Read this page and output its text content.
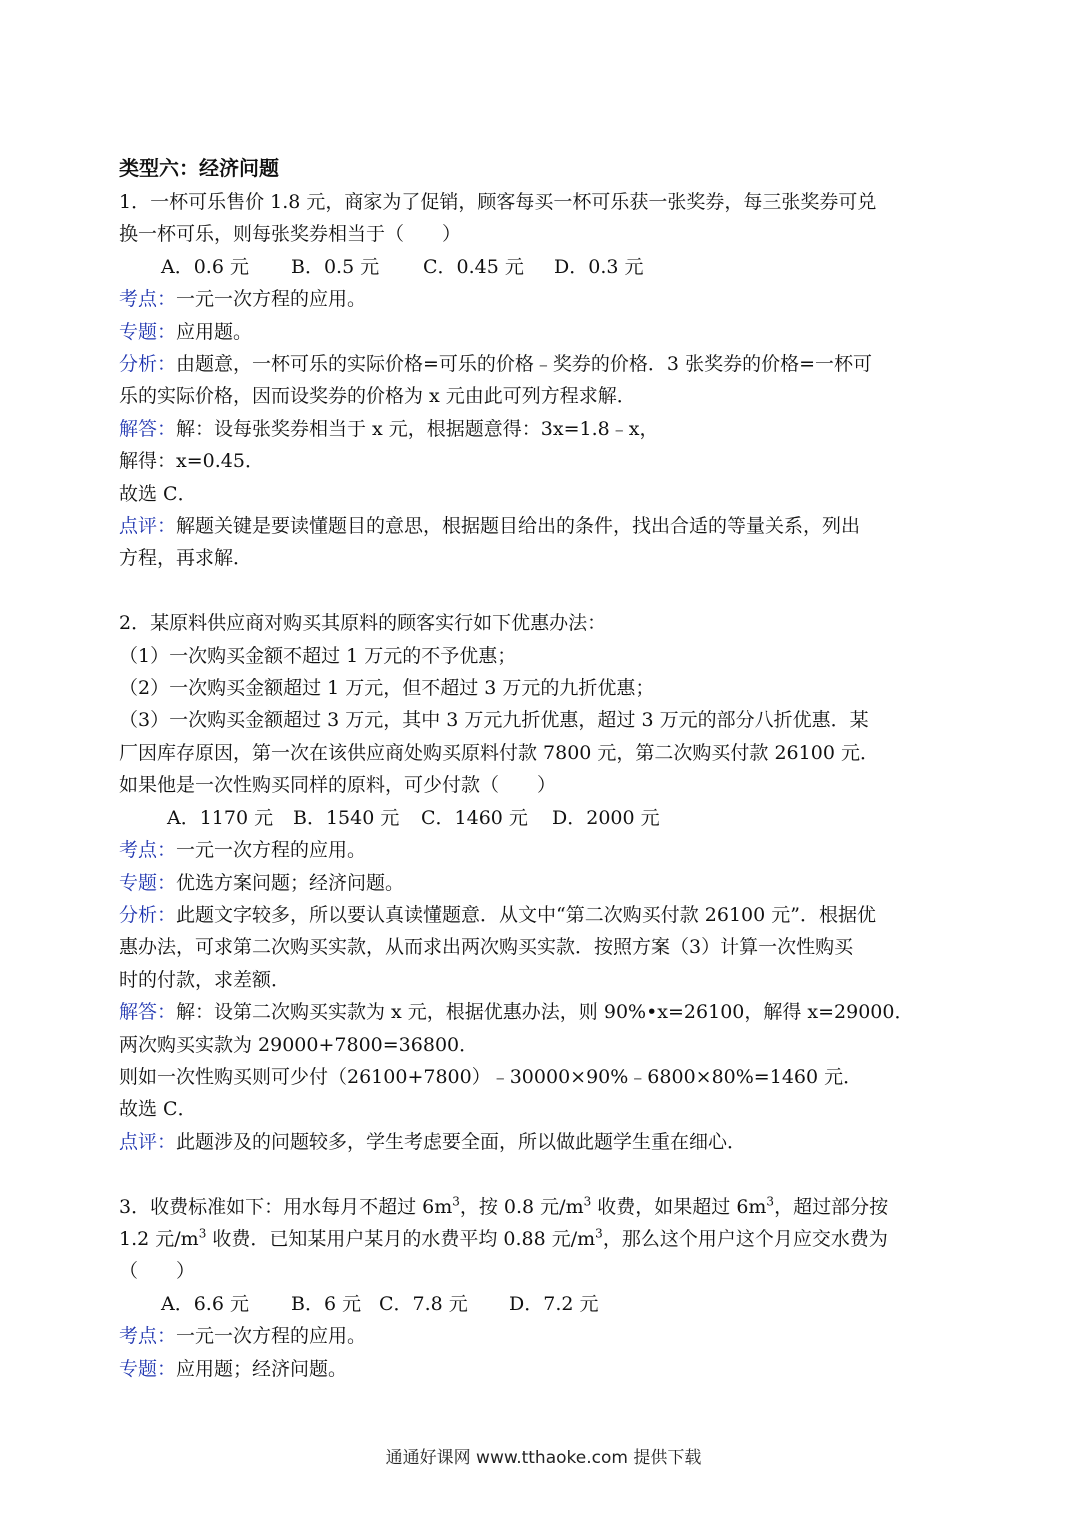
类型六：经济问题
1．一杯可乐售价 1.8 元，商家为了促销，顾客每买一杯可乐获一张奖券，每三张奖券可兑
换一杯可乐，则每张奖券相当于（　　）
A．0.6 元 B．0.5 元 C．0.45 元 D．0.3 元
考点：一元一次方程的应用。
专题：应用题。
分析：由题意，一杯可乐的实际价格=可乐的价格﹣奖券的价格．3 张奖券的价格=一杯可
乐的实际价格，因而设奖券的价格为 x 元由此可列方程求解．
解答：解：设每张奖券相当于 x 元，根据题意得：3x=1.8﹣x，
解得：x=0.45．
故选 C．
点评：解题关键是要读懂题目的意思，根据题目给出的条件，找出合适的等量关系，列出
方程，再求解．
2．某原料供应商对购买其原料的顾客实行如下优惠办法：
（1）一次购买金额不超过 1 万元的不予优惠；
（2）一次购买金额超过 1 万元，但不超过 3 万元的九折优惠；
（3）一次购买金额超过 3 万元，其中 3 万元九折优惠，超过 3 万元的部分八折优惠．某
厂因库存原因，第一次在该供应商处购买原料付款 7800 元，第二次购买付款 26100 元．
如果他是一次性购买同样的原料，可少付款（　　）
A．1170 元 B．1540 元 C．1460 元 D．2000 元
考点：一元一次方程的应用。
专题：优选方案问题；经济问题。
分析：此题文字较多，所以要认真读懂题意．从文中“第二次购买付款 26100 元”．根据优
惠办法，可求第二次购买实款，从而求出两次购买实款．按照方案（3）计算一次性购买
时的付款，求差额．
解答：解：设第二次购买实款为 x 元，根据优惠办法，则 90%•x=26100，解得 x=29000．
两次购买实款为 29000+7800=36800．
则如一次性购买则可少付（26100+7800）﹣30000×90%﹣6800×80%=1460 元．
故选 C．
点评：此题涉及的问题较多，学生考虑要全面，所以做此题学生重在细心．
3．收费标准如下：用水每月不超过 $6m^3$，按 0.8 元$/m^3$ 收费，如果超过 $6m^3$，超过部分按
1.2 元$/m^3$ 收费．已知某用户某月的水费平均 0.88 元$/m^3$，那么这个用户这个月应交水费为
（　　）
A．6.6 元 B．6 元 C．7.8 元 D．7.2 元
考点：一元一次方程的应用。
专题：应用题；经济问题。
通通好课网 www.tthaoke.com 提供下载
